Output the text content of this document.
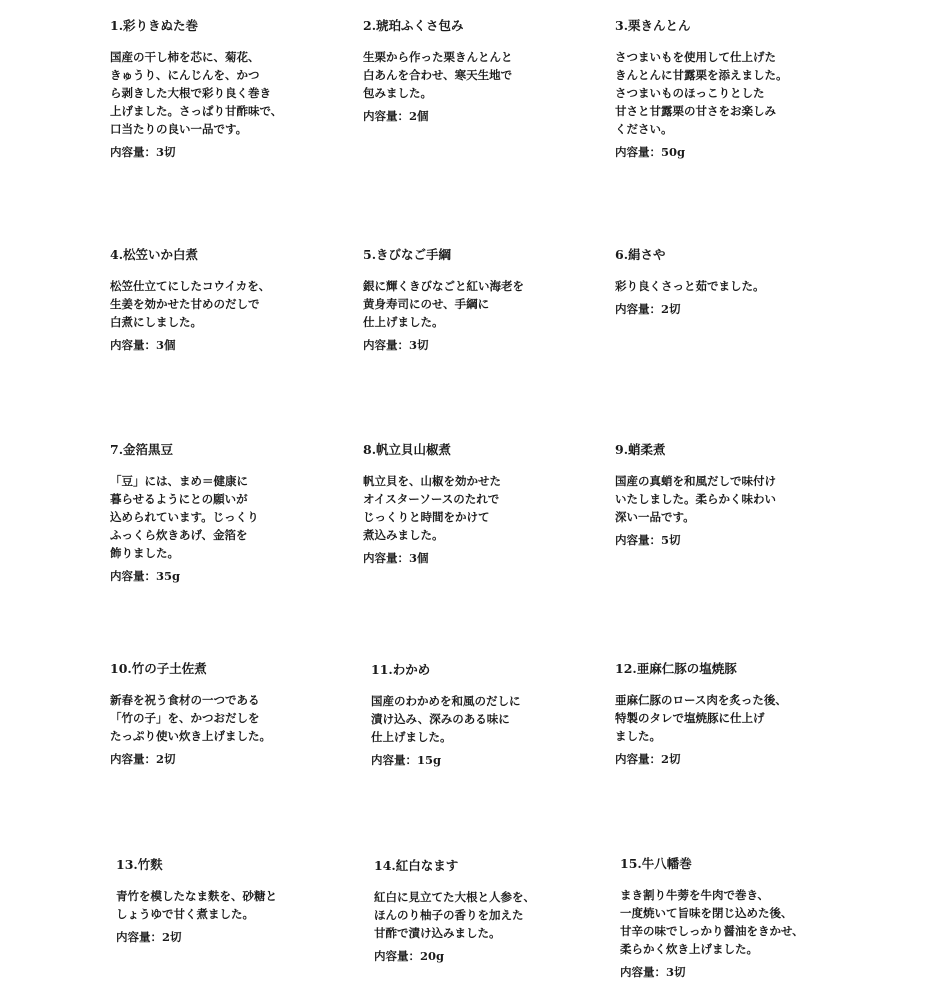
1.彩りきぬた巻
国産の干し柿を芯に、菊花、
きゅうり、にんじんを、かつ
ら剥きした大根で彩り良く巻き
上げました。さっぱり甘酢味で、
口当たりの良い一品です。
内容量：3切
2.琥珀ふくさ包み
生栗から作った栗きんとんと
白あんを合わせ、寒天生地で
包みました。
内容量：2個
3.栗きんとん
さつまいもを使用して仕上げた
きんとんに甘露栗を添えました。
さつまいものほっこりとした
甘さと甘露栗の甘さをお楽しみ
ください。
内容量：50g
4.松笠いか白煮
松笠仕立てにしたコウイカを、
生姜を効かせた甘めのだしで
白煮にしました。
内容量：3個
5.きびなご手綱
銀に輝くきびなごと紅い海老を
黄身寿司にのせ、手綱に
仕上げました。
内容量：3切
6.絹さや
彩り良くさっと茹でました。
内容量：2切
7.金箔黒豆
「豆」には、まめ＝健康に
暮らせるようにとの願いが
込められています。じっくり
ふっくら炊きあげ、金箔を
飾りました。
内容量：35g
8.帆立貝山椒煮
帆立貝を、山椒を効かせた
オイスターソースのたれで
じっくりと時間をかけて
煮込みました。
内容量：3個
9.蛸柔煮
国産の真蛸を和風だしで味付け
いたしました。柔らかく味わい
深い一品です。
内容量：5切
10.竹の子土佐煮
新春を祝う食材の一つである
「竹の子」を、かつおだしを
たっぷり使い炊き上げました。
内容量：2切
11.わかめ
国産のわかめを和風のだしに
漬け込み、深みのある味に
仕上げました。
内容量：15g
12.亜麻仁豚の塩焼豚
亜麻仁豚のロース肉を炙った後、
特製のタレで塩焼豚に仕上げ
ました。
内容量：2切
13.竹麩
青竹を模したなま麩を、砂糖と
しょうゆで甘く煮ました。
内容量：2切
14.紅白なます
紅白に見立てた大根と人参を、
ほんのり柚子の香りを加えた
甘酢で漬け込みました。
内容量：20g
15.牛八幡巻
まき割り牛蒡を牛肉で巻き、
一度焼いて旨味を閉じ込めた後、
甘辛の味でしっかり醤油をきかせ、
柔らかく炊き上げました。
内容量：3切
